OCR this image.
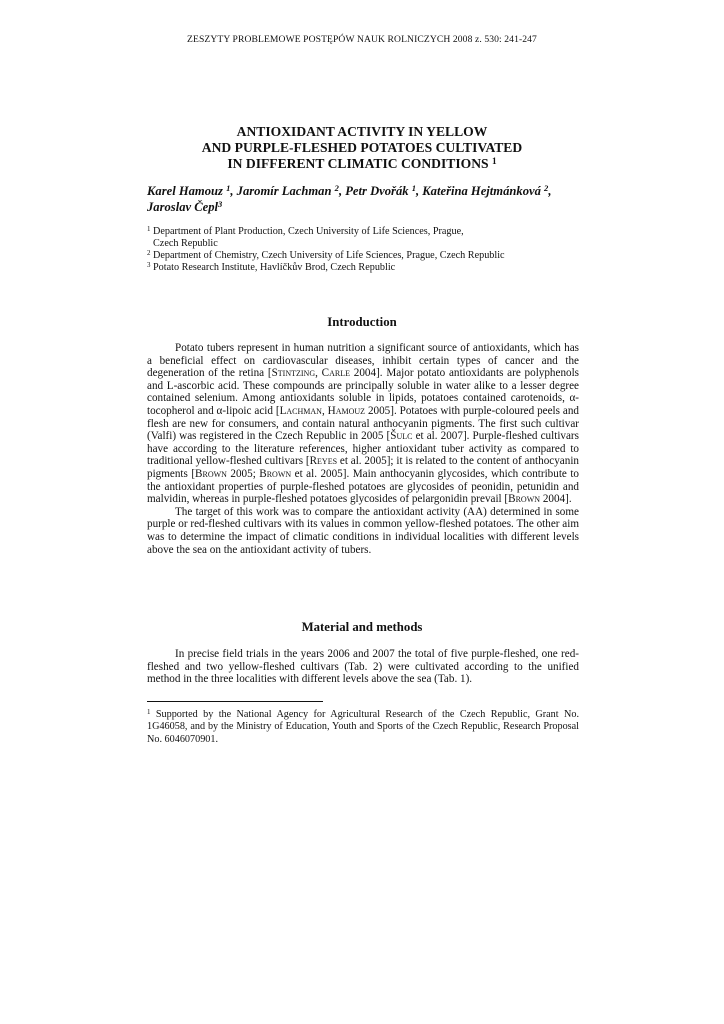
ZESZYTY PROBLEMOWE POSTĘPÓW NAUK ROLNICZYCH 2008 z. 530: 241-247
ANTIOXIDANT ACTIVITY IN YELLOW
AND PURPLE-FLESHED POTATOES CULTIVATED
IN DIFFERENT CLIMATIC CONDITIONS $^1$
Karel Hamouz $^1$, Jaromír Lachman $^2$, Petr Dvořák $^1$, Kateřina Hejtmánková $^2$,
Jaroslav Čepl$^3$
$^1$ Department of Plant Production, Czech University of Life Sciences, Prague,
Czech Republic
$^2$ Department of Chemistry, Czech University of Life Sciences, Prague, Czech Republic
$^3$ Potato Research Institute, Havlíčkův Brod, Czech Republic
Introduction

Potato tubers represent in human nutrition a significant source of antioxidants, which has a beneficial effect on cardiovascular diseases, inhibit certain types of cancer and the degeneration of the retina [Stintzing, Carle 2004]. Major potato antioxidants are polyphenols and L-ascorbic acid. These compounds are principally soluble in water alike to a lesser degree contained selenium. Among antioxidants soluble in lipids, potatoes contained carotenoids, α-tocopherol and α-lipoic acid [Lachman, Hamouz 2005]. Potatoes with purple-coloured peels and flesh are new for consumers, and contain natural anthocyanin pigments. The first such cultivar (Valfi) was registered in the Czech Republic in 2005 [Šulc et al. 2007]. Purple-fleshed cultivars have according to the literature references, higher antioxidant tuber activity as compared to traditional yellow-fleshed cultivars [Reyes et al. 2005]; it is related to the content of anthocyanin pigments [Brown 2005; Brown et al. 2005]. Main anthocyanin glycosides, which contribute to the antioxidant properties of purple-fleshed potatoes are glycosides of peonidin, petunidin and malvidin, whereas in purple-fleshed potatoes glycosides of pelargonidin prevail [Brown 2004].

The target of this work was to compare the antioxidant activity (AA) determined in some purple or red-fleshed cultivars with its values in common yellow-fleshed potatoes. The other aim was to determine the impact of climatic conditions in individual localities with different levels above the sea on the antioxidant activity of tubers.

Material and methods

In precise field trials in the years 2006 and 2007 the total of five purple-fleshed, one red-fleshed and two yellow-fleshed cultivars (Tab. 2) were cultivated according to the unified method in the three localities with different levels above the sea (Tab. 1).

$^1$ Supported by the National Agency for Agricultural Research of the Czech Republic, Grant No. 1G46058, and by the Ministry of Education, Youth and Sports of the Czech Republic, Research Proposal No. 6046070901.
